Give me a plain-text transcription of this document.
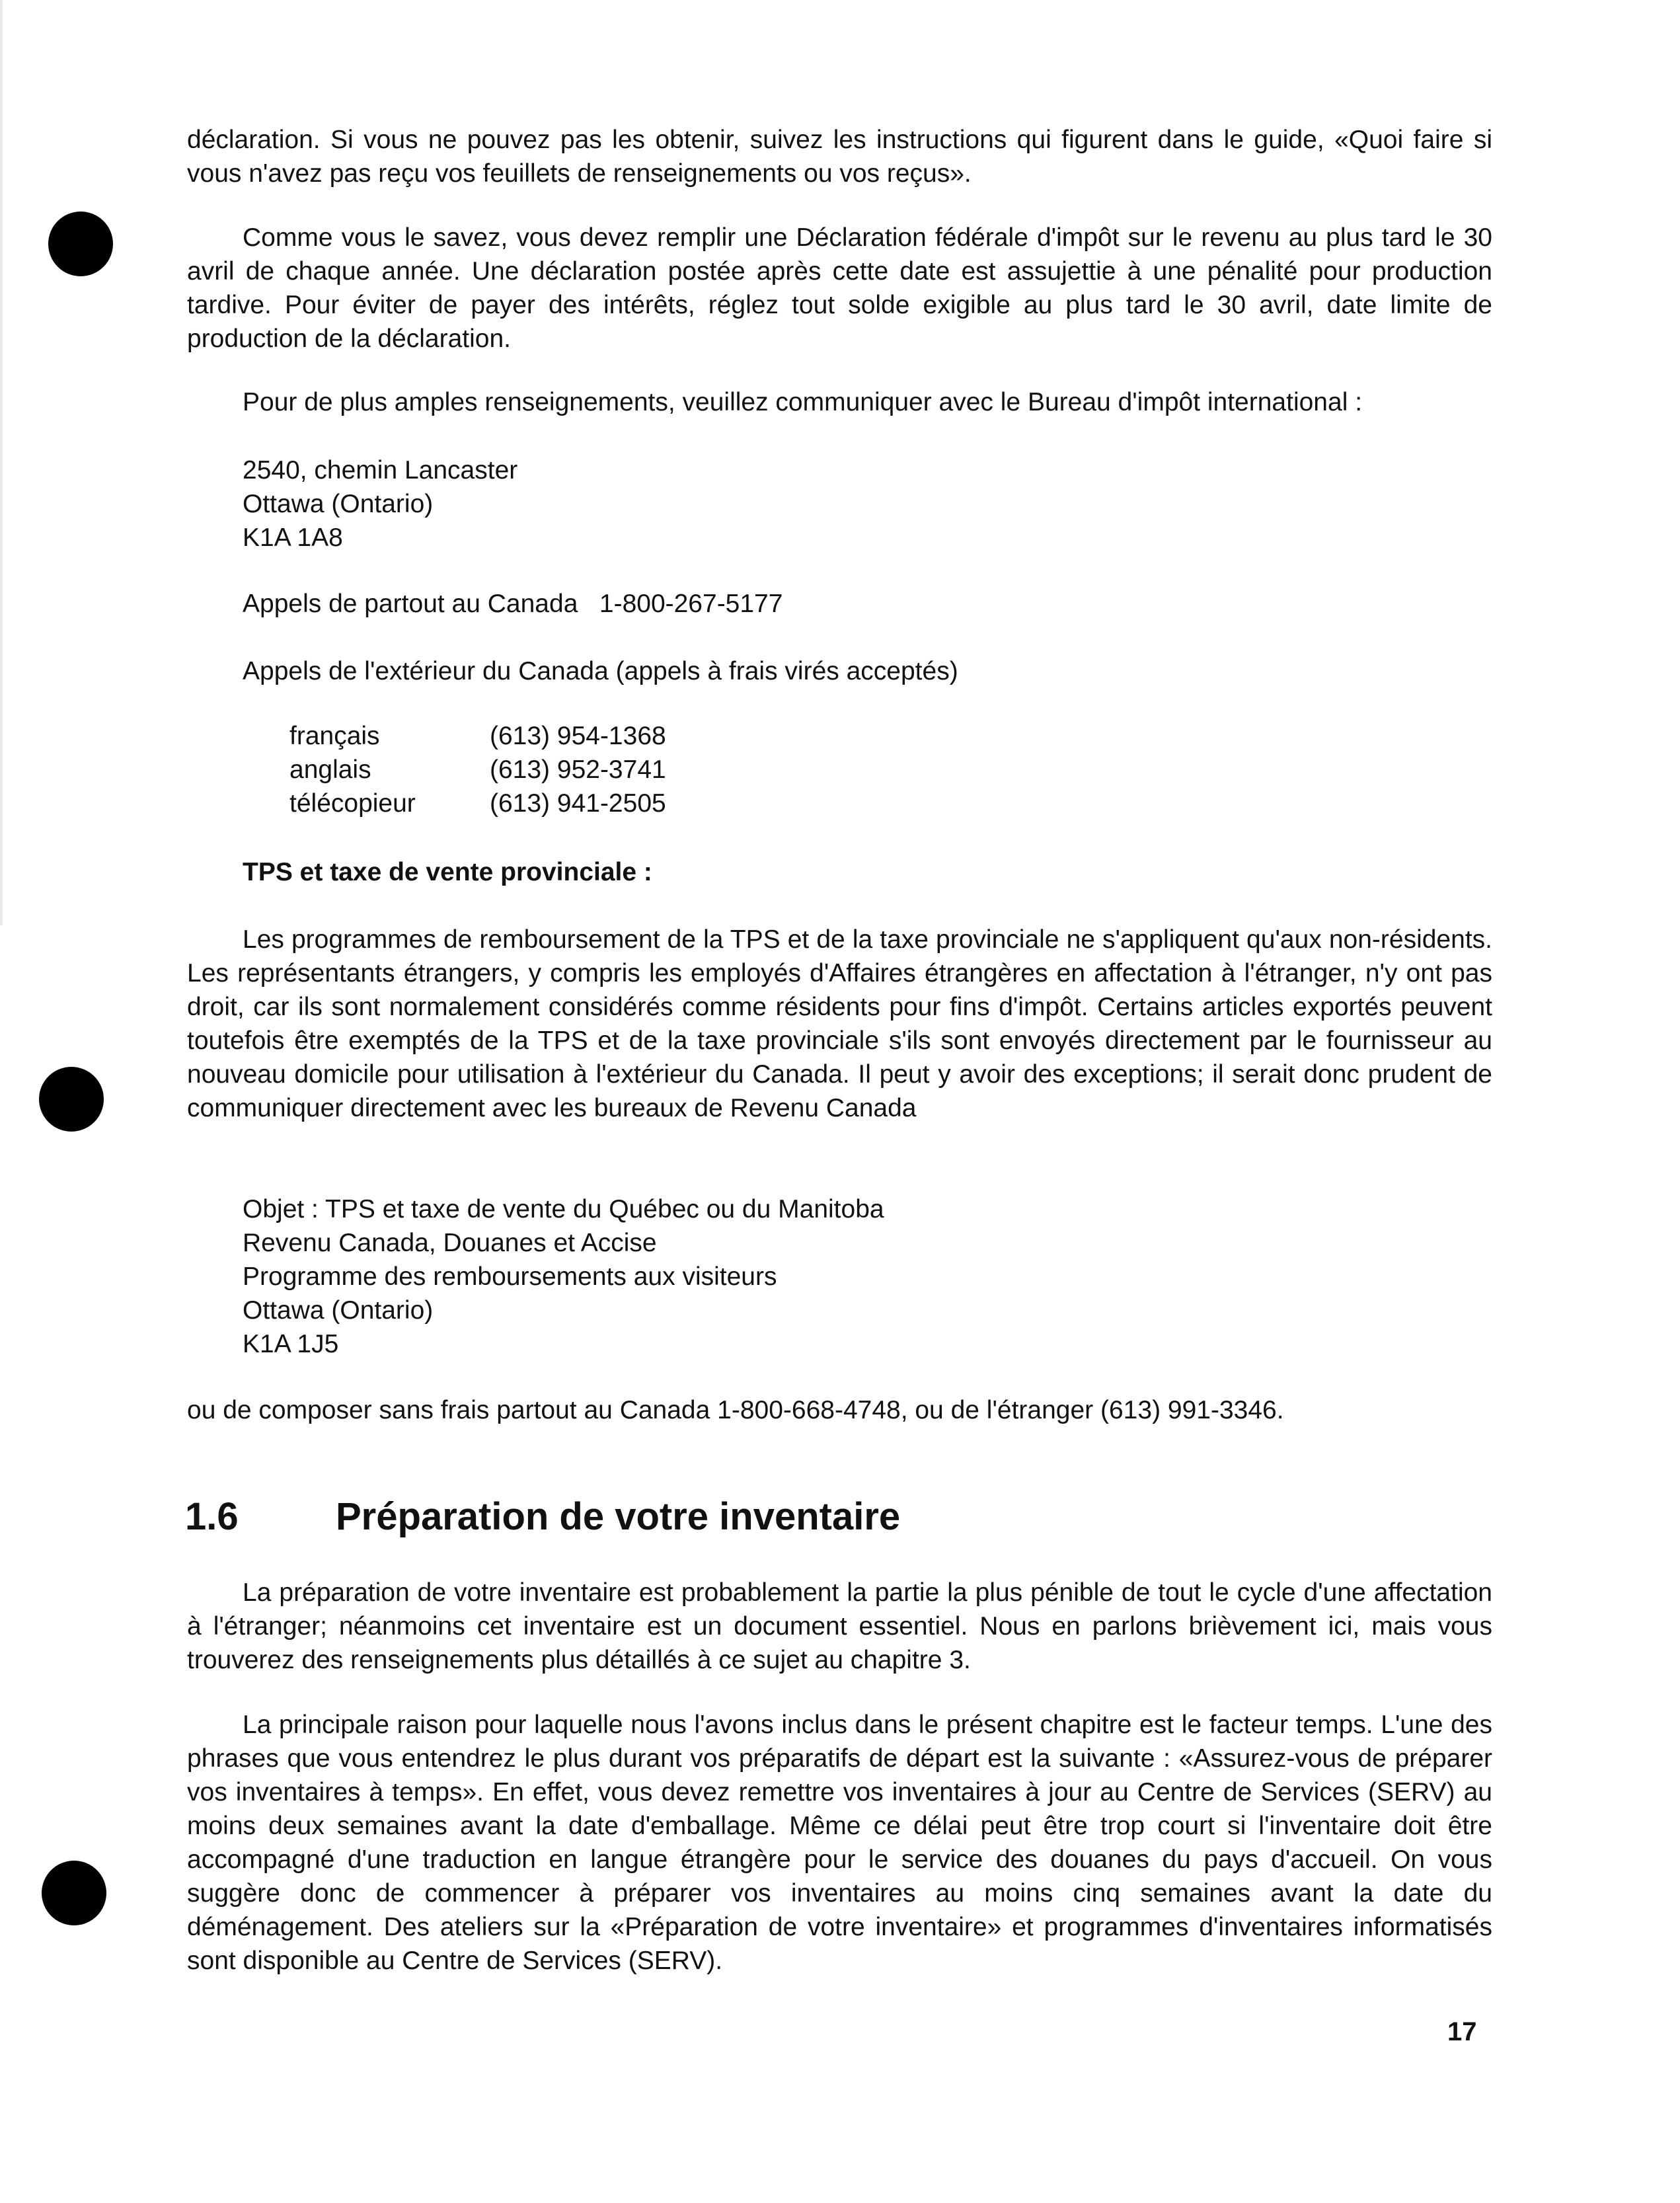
déclaration. Si vous ne pouvez pas les obtenir, suivez les instructions qui figurent dans le guide, «Quoi faire si vous n'avez pas reçu vos feuillets de renseignements ou vos reçus».

Comme vous le savez, vous devez remplir une Déclaration fédérale d'impôt sur le revenu au plus tard le 30 avril de chaque année. Une déclaration postée après cette date est assujettie à une pénalité pour production tardive. Pour éviter de payer des intérêts, réglez tout solde exigible au plus tard le 30 avril, date limite de production de la déclaration.

Pour de plus amples renseignements, veuillez communiquer avec le Bureau d'impôt international :

2540, chemin Lancaster
Ottawa (Ontario)
K1A 1A8

Appels de partout au Canada   1-800-267-5177

Appels de l'extérieur du Canada (appels à frais virés acceptés)

français	(613) 954-1368
anglais	(613) 952-3741
télécopieur	(613) 941-2505

TPS et taxe de vente provinciale :

Les programmes de remboursement de la TPS et de la taxe provinciale ne s'appliquent qu'aux non-résidents. Les représentants étrangers, y compris les employés d'Affaires étrangères en affectation à l'étranger, n'y ont pas droit, car ils sont normalement considérés comme résidents pour fins d'impôt. Certains articles exportés peuvent toutefois être exemptés de la TPS et de la taxe provinciale s'ils sont envoyés directement par le fournisseur au nouveau domicile pour utilisation à l'extérieur du Canada. Il peut y avoir des exceptions; il serait donc prudent de communiquer directement avec les bureaux de Revenu Canada

Objet : TPS et taxe de vente du Québec ou du Manitoba
Revenu Canada, Douanes et Accise
Programme des remboursements aux visiteurs
Ottawa (Ontario)
K1A 1J5

ou de composer sans frais partout au Canada 1-800-668-4748, ou de l'étranger (613) 991-3346.

1.6	Préparation de votre inventaire

La préparation de votre inventaire est probablement la partie la plus pénible de tout le cycle d'une affectation à l'étranger; néanmoins cet inventaire est un document essentiel. Nous en parlons brièvement ici, mais vous trouverez des renseignements plus détaillés à ce sujet au chapitre 3.

La principale raison pour laquelle nous l'avons inclus dans le présent chapitre est le facteur temps. L'une des phrases que vous entendrez le plus durant vos préparatifs de départ est la suivante : «Assurez-vous de préparer vos inventaires à temps». En effet, vous devez remettre vos inventaires à jour au Centre de Services (SERV) au moins deux semaines avant la date d'emballage. Même ce délai peut être trop court si l'inventaire doit être accompagné d'une traduction en langue étrangère pour le service des douanes du pays d'accueil. On vous suggère donc de commencer à préparer vos inventaires au moins cinq semaines avant la date du déménagement. Des ateliers sur la «Préparation de votre inventaire» et programmes d'inventaires informatisés sont disponible au Centre de Services (SERV).

17
